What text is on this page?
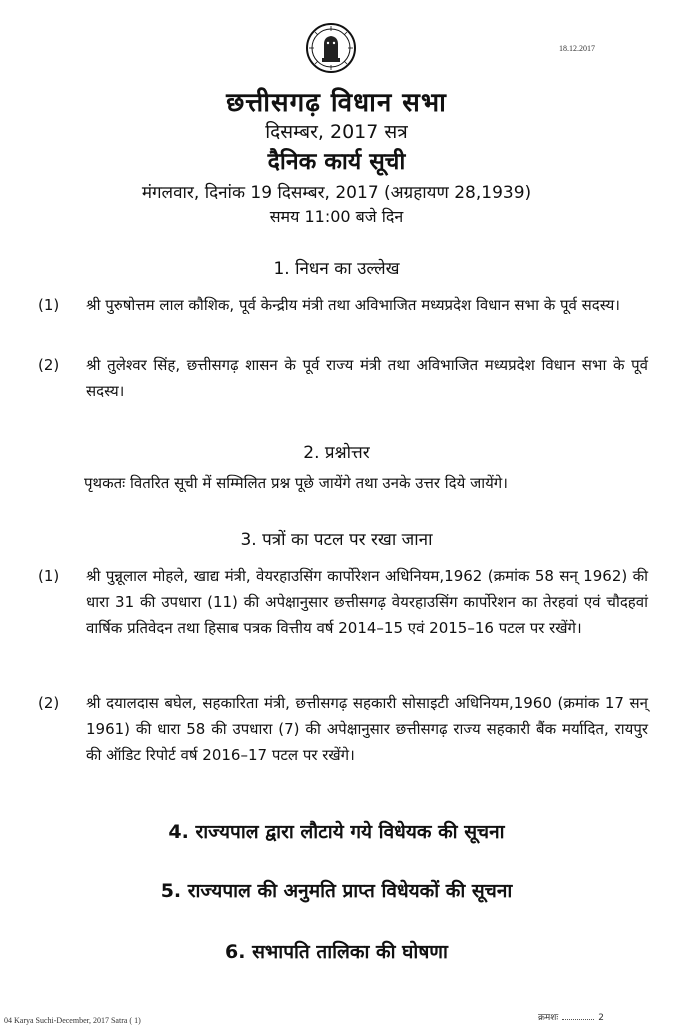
18.12.2017
छत्तीसगढ़ विधान सभा
दिसम्बर, 2017 सत्र
दैनिक कार्य सूची
मंगलवार, दिनांक 19 दिसम्बर, 2017 (अग्रहायण 28,1939)
समय 11:00 बजे दिन
1. निधन का उल्लेख
(1) श्री पुरुषोत्तम लाल कौशिक, पूर्व केन्द्रीय मंत्री तथा अविभाजित मध्यप्रदेश विधान सभा के पूर्व सदस्य।
(2) श्री तुलेश्वर सिंह, छत्तीसगढ़ शासन के पूर्व राज्य मंत्री तथा अविभाजित मध्यप्रदेश विधान सभा के पूर्व सदस्य।
2. प्रश्नोत्तर
पृथकतः वितरित सूची में सम्मिलित प्रश्न पूछे जायेंगे तथा उनके उत्तर दिये जायेंगे।
3. पत्रों का पटल पर रखा जाना
(1) श्री पुन्नूलाल मोहले, खाद्य मंत्री, वेयरहाउसिंग कार्पोरेशन अधिनियम,1962 (क्रमांक 58 सन् 1962) की धारा 31 की उपधारा (11) की अपेक्षानुसार छत्तीसगढ़ वेयरहाउसिंग कार्पोरेशन का तेरहवां एवं चौदहवां वार्षिक प्रतिवेदन तथा हिसाब पत्रक वित्तीय वर्ष 2014–15 एवं 2015–16 पटल पर रखेंगे।
(2) श्री दयालदास बघेल, सहकारिता मंत्री, छत्तीसगढ़ सहकारी सोसाइटी अधिनियम,1960 (क्रमांक 17 सन् 1961) की धारा 58 की उपधारा (7) की अपेक्षानुसार छत्तीसगढ़ राज्य सहकारी बैंक मर्यादित, रायपुर की ऑडिट रिपोर्ट वर्ष 2016–17 पटल पर रखेंगे।
4. राज्यपाल द्वारा लौटाये गये विधेयक की सूचना
5. राज्यपाल की अनुमति प्राप्त विधेयकों की सूचना
6. सभापति तालिका की घोषणा
04 Karya Suchi-December, 2017 Satra ( 1)	क्रमशः	2
